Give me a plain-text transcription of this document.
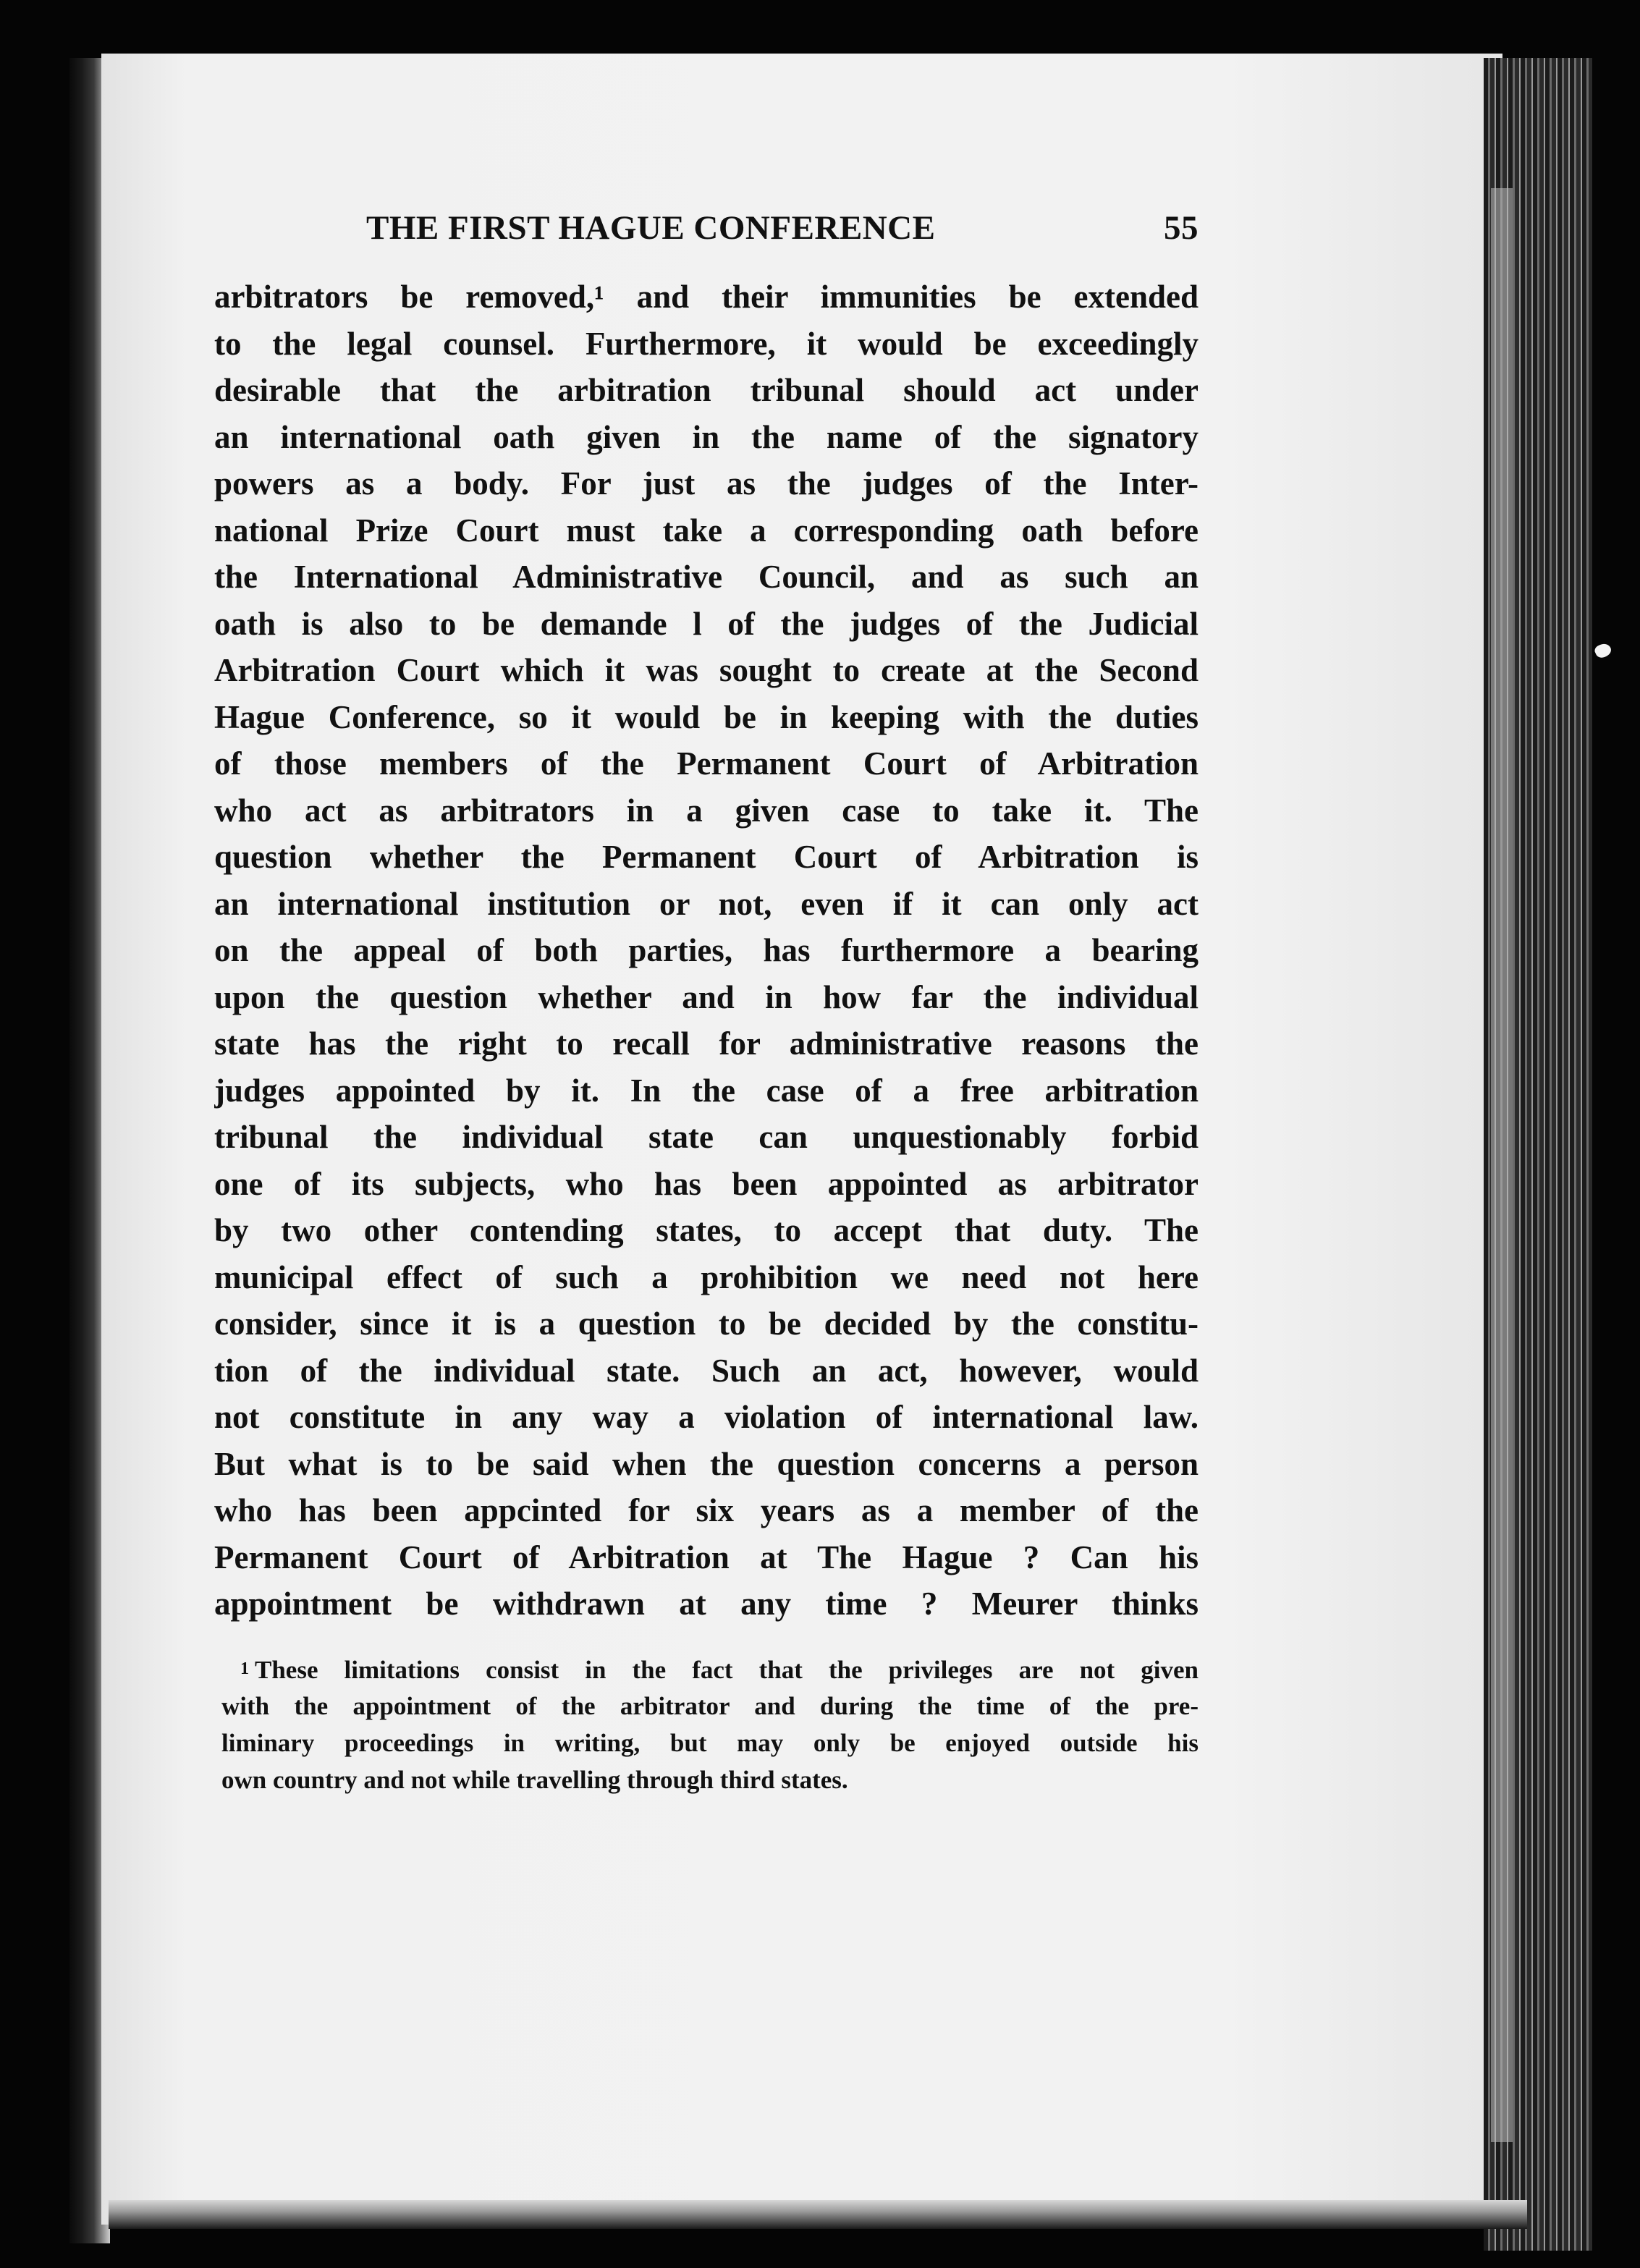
THE FIRST HAGUE CONFERENCE	55
arbitrators be removed,¹ and their immunities be extended
to the legal counsel. Furthermore, it would be exceedingly
desirable that the arbitration tribunal should act under
an international oath given in the name of the signatory
powers as a body. For just as the judges of the Inter-
national Prize Court must take a corresponding oath before
the International Administrative Council, and as such an
oath is also to be demande l of the judges of the Judicial
Arbitration Court which it was sought to create at the Second
Hague Conference, so it would be in keeping with the duties
of those members of the Permanent Court of Arbitration
who act as arbitrators in a given case to take it. The
question whether the Permanent Court of Arbitration is
an international institution or not, even if it can only act
on the appeal of both parties, has furthermore a bearing
upon the question whether and in how far the individual
state has the right to recall for administrative reasons the
judges appointed by it. In the case of a free arbitration
tribunal the individual state can unquestionably forbid
one of its subjects, who has been appointed as arbitrator
by two other contending states, to accept that duty. The
municipal effect of such a prohibition we need not here
consider, since it is a question to be decided by the constitu-
tion of the individual state. Such an act, however, would
not constitute in any way a violation of international law.
But what is to be said when the question concerns a person
who has been appcinted for six years as a member of the
Permanent Court of Arbitration at The Hague ? Can his
appointment be withdrawn at any time ? Meurer thinks
$^1$ These limitations consist in the fact that the privileges are not given
with the appointment of the arbitrator and during the time of the pre-
liminary proceedings in writing, but may only be enjoyed outside his
own country and not while travelling through third states.
